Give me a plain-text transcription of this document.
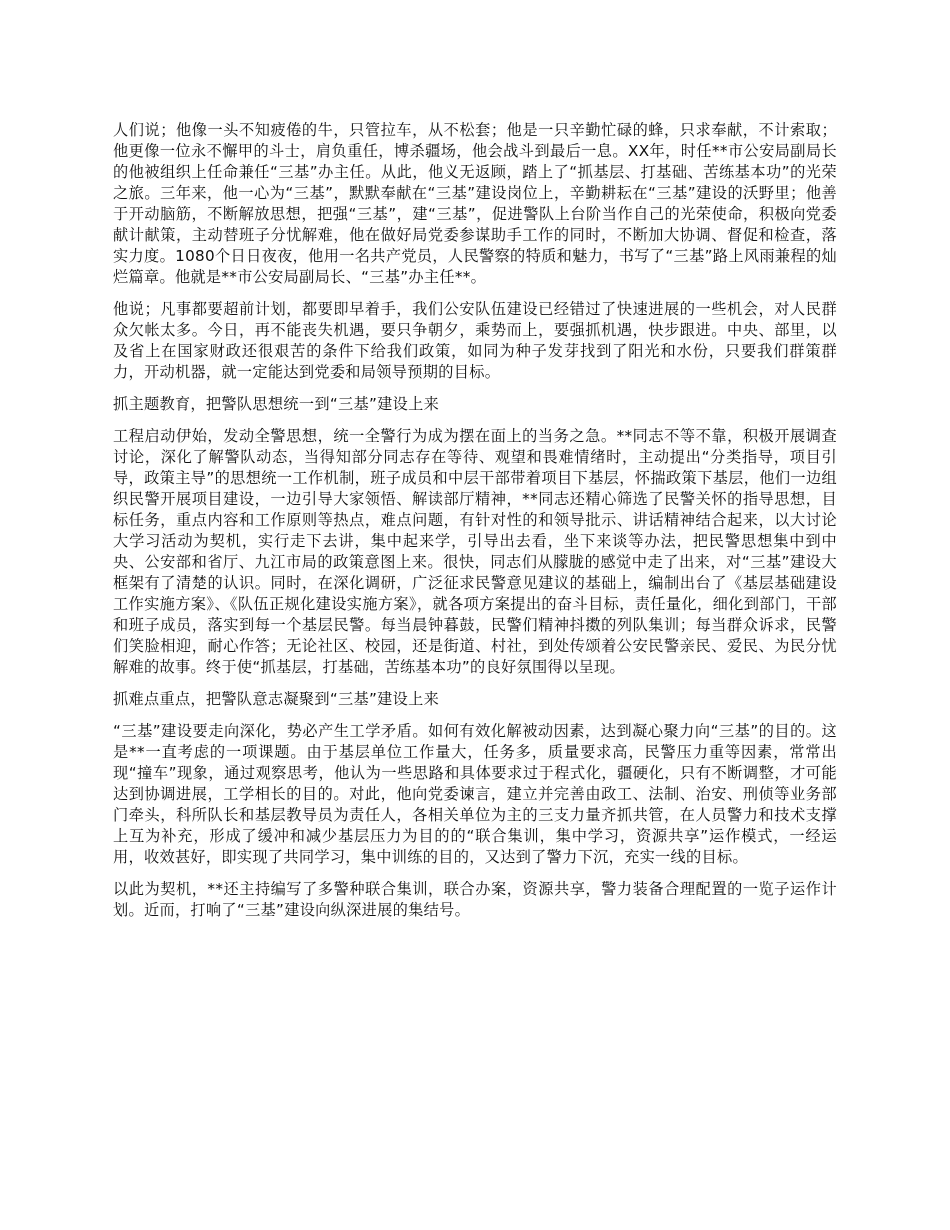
人们说；他像一头不知疲倦的牛，只管拉车，从不松套；他是一只辛勤忙碌的蜂，只求奉献，不计索取；他更像一位永不懈甲的斗士，肩负重任，博杀疆场，他会战斗到最后一息。XX年，时任**市公安局副局长的他被组织上任命兼任“三基”办主任。从此，他义无返顾，踏上了“抓基层、打基础、苦练基本功”的光荣之旅。三年来，他一心为“三基”，默默奉献在“三基”建设岗位上，辛勤耕耘在“三基”建设的沃野里；他善于开动脑筋，不断解放思想，把强“三基”，建“三基”，促进警队上台阶当作自己的光荣使命，积极向党委献计献策，主动替班子分忧解难，他在做好局党委参谋助手工作的同时，不断加大协调、督促和检查，落实力度。1080个日日夜夜，他用一名共产党员，人民警察的特质和魅力，书写了“三基”路上风雨兼程的灿烂篇章。他就是**市公安局副局长、“三基”办主任**。

他说；凡事都要超前计划，都要即早着手，我们公安队伍建设已经错过了快速进展的一些机会，对人民群众欠帐太多。今日，再不能丧失机遇，要只争朝夕，乘势而上，要强抓机遇，快步跟进。中央、部里，以及省上在国家财政还很艰苦的条件下给我们政策，如同为种子发芽找到了阳光和水份，只要我们群策群力，开动机器，就一定能达到党委和局领导预期的目标。

抓主题教育，把警队思想统一到“三基”建设上来

工程启动伊始，发动全警思想，统一全警行为成为摆在面上的当务之急。**同志不等不靠，积极开展调查讨论，深化了解警队动态，当得知部分同志存在等待、观望和畏难情绪时，主动提出“分类指导，项目引导，政策主导”的思想统一工作机制，班子成员和中层干部带着项目下基层，怀揣政策下基层，他们一边组织民警开展项目建设，一边引导大家领悟、解读部厅精神，**同志还精心筛选了民警关怀的指导思想，目标任务，重点内容和工作原则等热点，难点问题，有针对性的和领导批示、讲话精神结合起来，以大讨论大学习活动为契机，实行走下去讲，集中起来学，引导出去看，坐下来谈等办法，把民警思想集中到中央、公安部和省厅、九江市局的政策意图上来。很快，同志们从朦胧的感觉中走了出来，对“三基”建设大框架有了清楚的认识。同时，在深化调研，广泛征求民警意见建议的基础上，编制出台了《基层基础建设工作实施方案》、《队伍正规化建设实施方案》，就各项方案提出的奋斗目标，责任量化，细化到部门，干部和班子成员，落实到每一个基层民警。每当晨钟暮鼓，民警们精神抖擞的列队集训；每当群众诉求，民警们笑脸相迎，耐心作答；无论社区、校园，还是街道、村社，到处传颂着公安民警亲民、爱民、为民分忧解难的故事。终于使“抓基层，打基础，苦练基本功”的良好氛围得以呈现。

抓难点重点，把警队意志凝聚到“三基”建设上来

“三基”建设要走向深化，势必产生工学矛盾。如何有效化解被动因素，达到凝心聚力向“三基”的目的。这是**一直考虑的一项课题。由于基层单位工作量大，任务多，质量要求高，民警压力重等因素，常常出现“撞车”现象，通过观察思考，他认为一些思路和具体要求过于程式化，疆硬化，只有不断调整，才可能达到协调进展，工学相长的目的。对此，他向党委谏言，建立并完善由政工、法制、治安、刑侦等业务部门牵头，科所队长和基层教导员为责任人，各相关单位为主的三支力量齐抓共管，在人员警力和技术支撑上互为补充，形成了缓冲和减少基层压力为目的的“联合集训，集中学习，资源共享”运作模式，一经运用，收效甚好，即实现了共同学习，集中训练的目的，又达到了警力下沉，充实一线的目标。

以此为契机，**还主持编写了多警种联合集训，联合办案，资源共享，警力装备合理配置的一览子运作计划。近而，打响了“三基”建设向纵深进展的集结号。
